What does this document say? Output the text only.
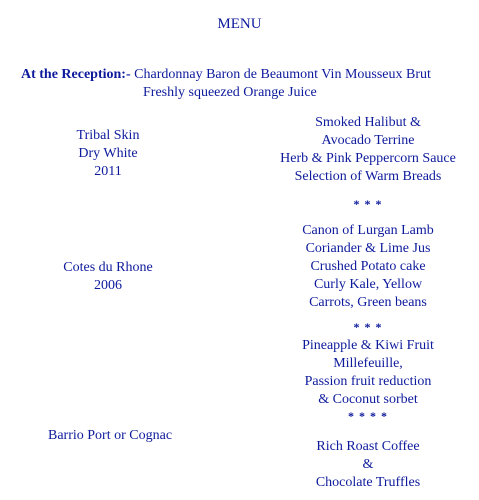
MENU
At the Reception:- Chardonnay Baron de Beaumont Vin Mousseux Brut
Freshly squeezed Orange Juice
Tribal Skin
Dry White
2011
Cotes du Rhone
2006
Barrio Port or Cognac
Smoked Halibut &
Avocado Terrine
Herb & Pink Peppercorn Sauce
Selection of Warm Breads
* * *
Canon of Lurgan Lamb
Coriander & Lime Jus
Crushed Potato cake
Curly Kale, Yellow
Carrots, Green beans
* * *
Pineapple & Kiwi Fruit
Millefeuille,
Passion fruit reduction
& Coconut sorbet
* * * *
Rich Roast Coffee
&
Chocolate Truffles
